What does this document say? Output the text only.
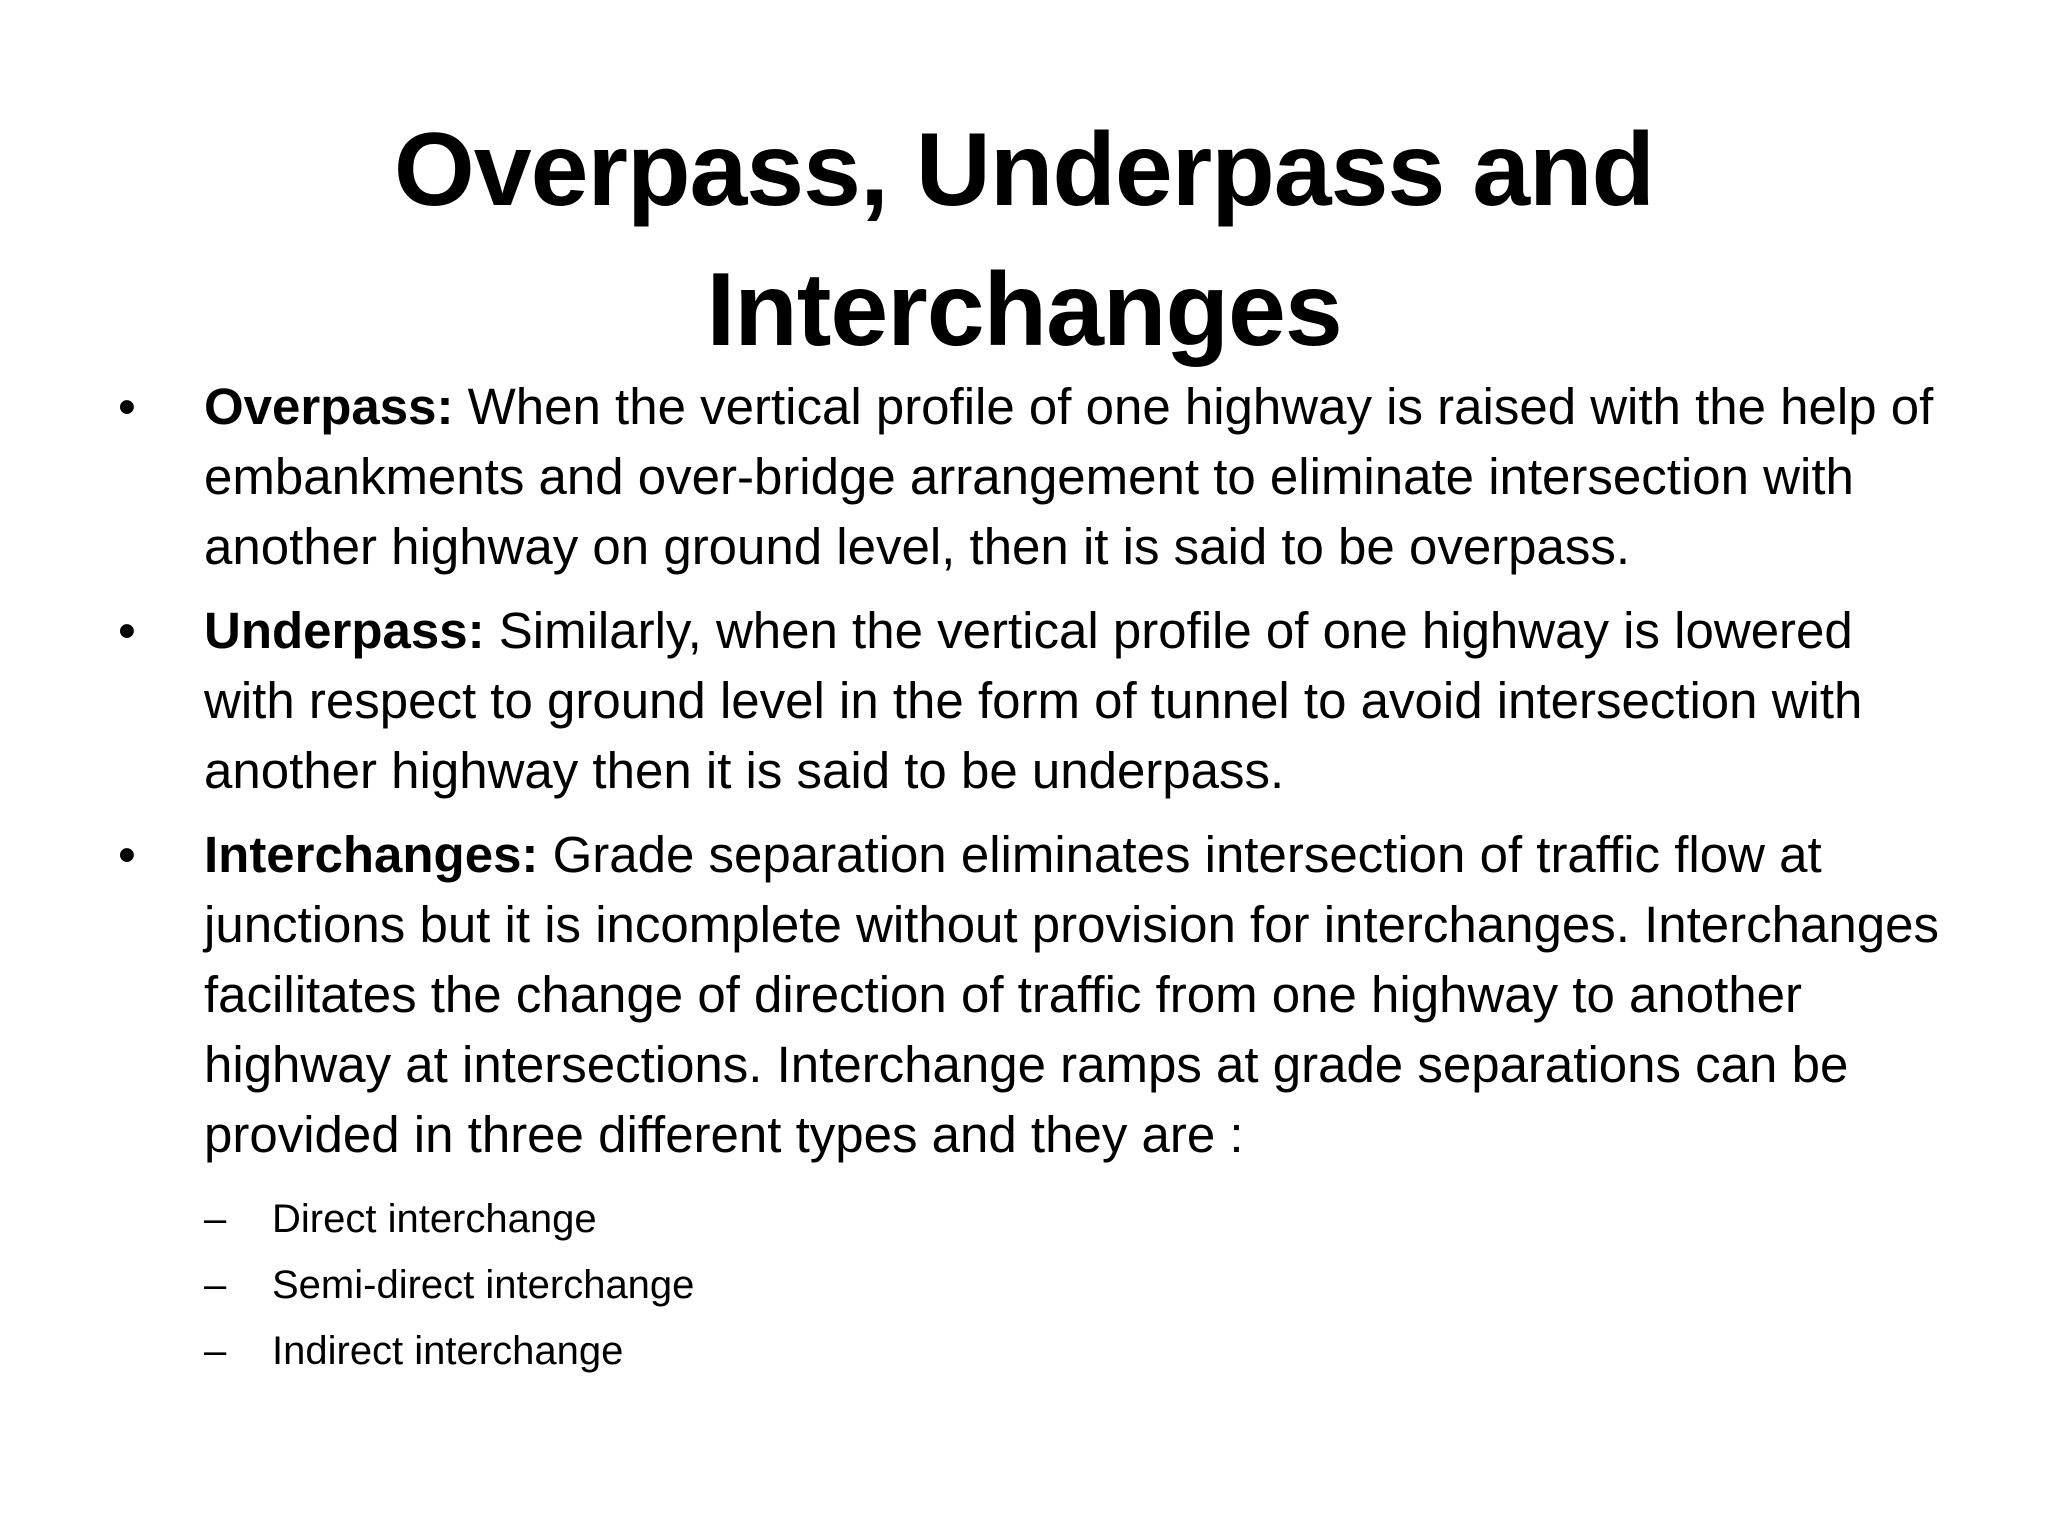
Overpass, Underpass and
Interchanges

• Overpass: When the vertical profile of one highway is raised with the help of embankments and over-bridge arrangement to eliminate intersection with another highway on ground level, then it is said to be overpass.

• Underpass: Similarly, when the vertical profile of one highway is lowered with respect to ground level in the form of tunnel to avoid intersection with another highway then it is said to be underpass.

• Interchanges: Grade separation eliminates intersection of traffic flow at junctions but it is incomplete without provision for interchanges. Interchanges facilitates the change of direction of traffic from one highway to another highway at intersections. Interchange ramps at grade separations can be provided in three different types and they are :
– Direct interchange
– Semi-direct interchange
– Indirect interchange
